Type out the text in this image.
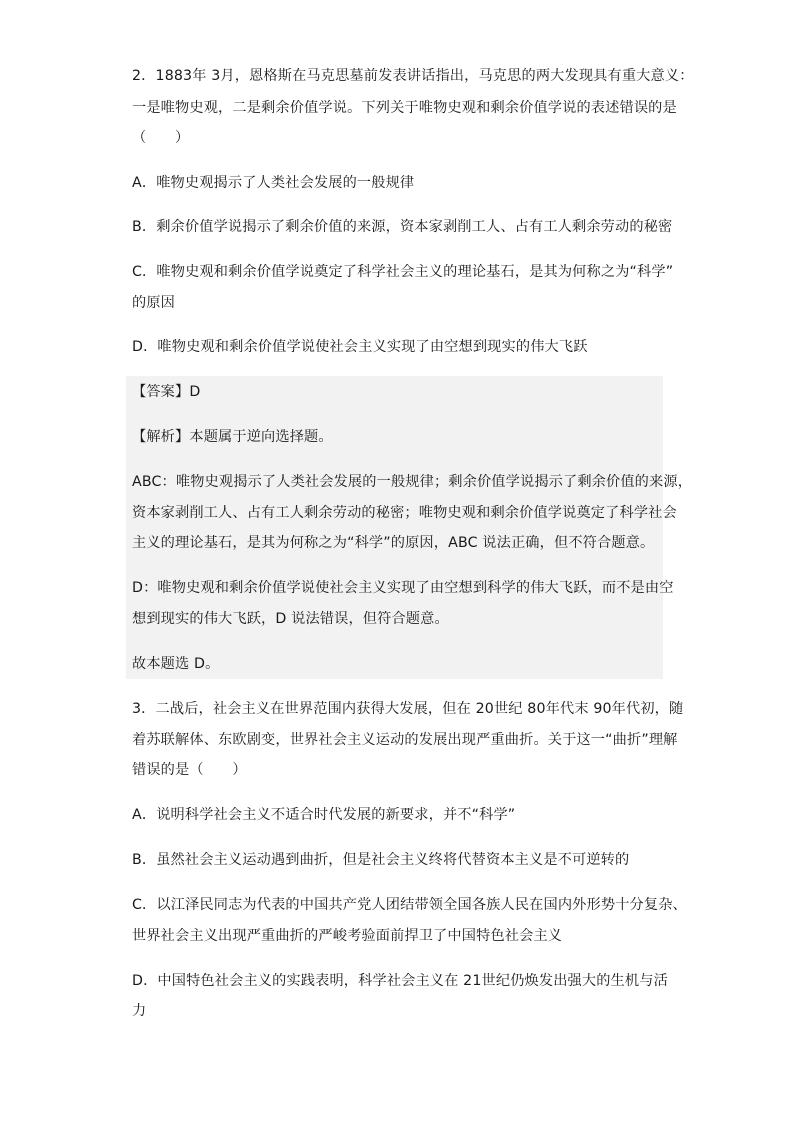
2．1883年 3月，恩格斯在马克思墓前发表讲话指出，马克思的两大发现具有重大意义：
一是唯物史观，二是剩余价值学说。下列关于唯物史观和剩余价值学说的表述错误的是
（　　）
A．唯物史观揭示了人类社会发展的一般规律
B．剩余价值学说揭示了剩余价值的来源，资本家剥削工人、占有工人剩余劳动的秘密
C．唯物史观和剩余价值学说奠定了科学社会主义的理论基石，是其为何称之为“科学”
的原因
D．唯物史观和剩余价值学说使社会主义实现了由空想到现实的伟大飞跃
【答案】D
【解析】本题属于逆向选择题。
ABC：唯物史观揭示了人类社会发展的一般规律；剩余价值学说揭示了剩余价值的来源，
资本家剥削工人、占有工人剩余劳动的秘密；唯物史观和剩余价值学说奠定了科学社会
主义的理论基石，是其为何称之为“科学”的原因，ABC 说法正确，但不符合题意。
D：唯物史观和剩余价值学说使社会主义实现了由空想到科学的伟大飞跃，而不是由空
想到现实的伟大飞跃，D 说法错误，但符合题意。
故本题选 D。
3．二战后，社会主义在世界范围内获得大发展，但在 20世纪 80年代末 90年代初，随
着苏联解体、东欧剧变，世界社会主义运动的发展出现严重曲折。关于这一“曲折”理解
错误的是（　　）
A．说明科学社会主义不适合时代发展的新要求，并不“科学”
B．虽然社会主义运动遇到曲折，但是社会主义终将代替资本主义是不可逆转的
C．以江泽民同志为代表的中国共产党人团结带领全国各族人民在国内外形势十分复杂、
世界社会主义出现严重曲折的严峻考验面前捍卫了中国特色社会主义
D．中国特色社会主义的实践表明，科学社会主义在 21世纪仍焕发出强大的生机与活
力
